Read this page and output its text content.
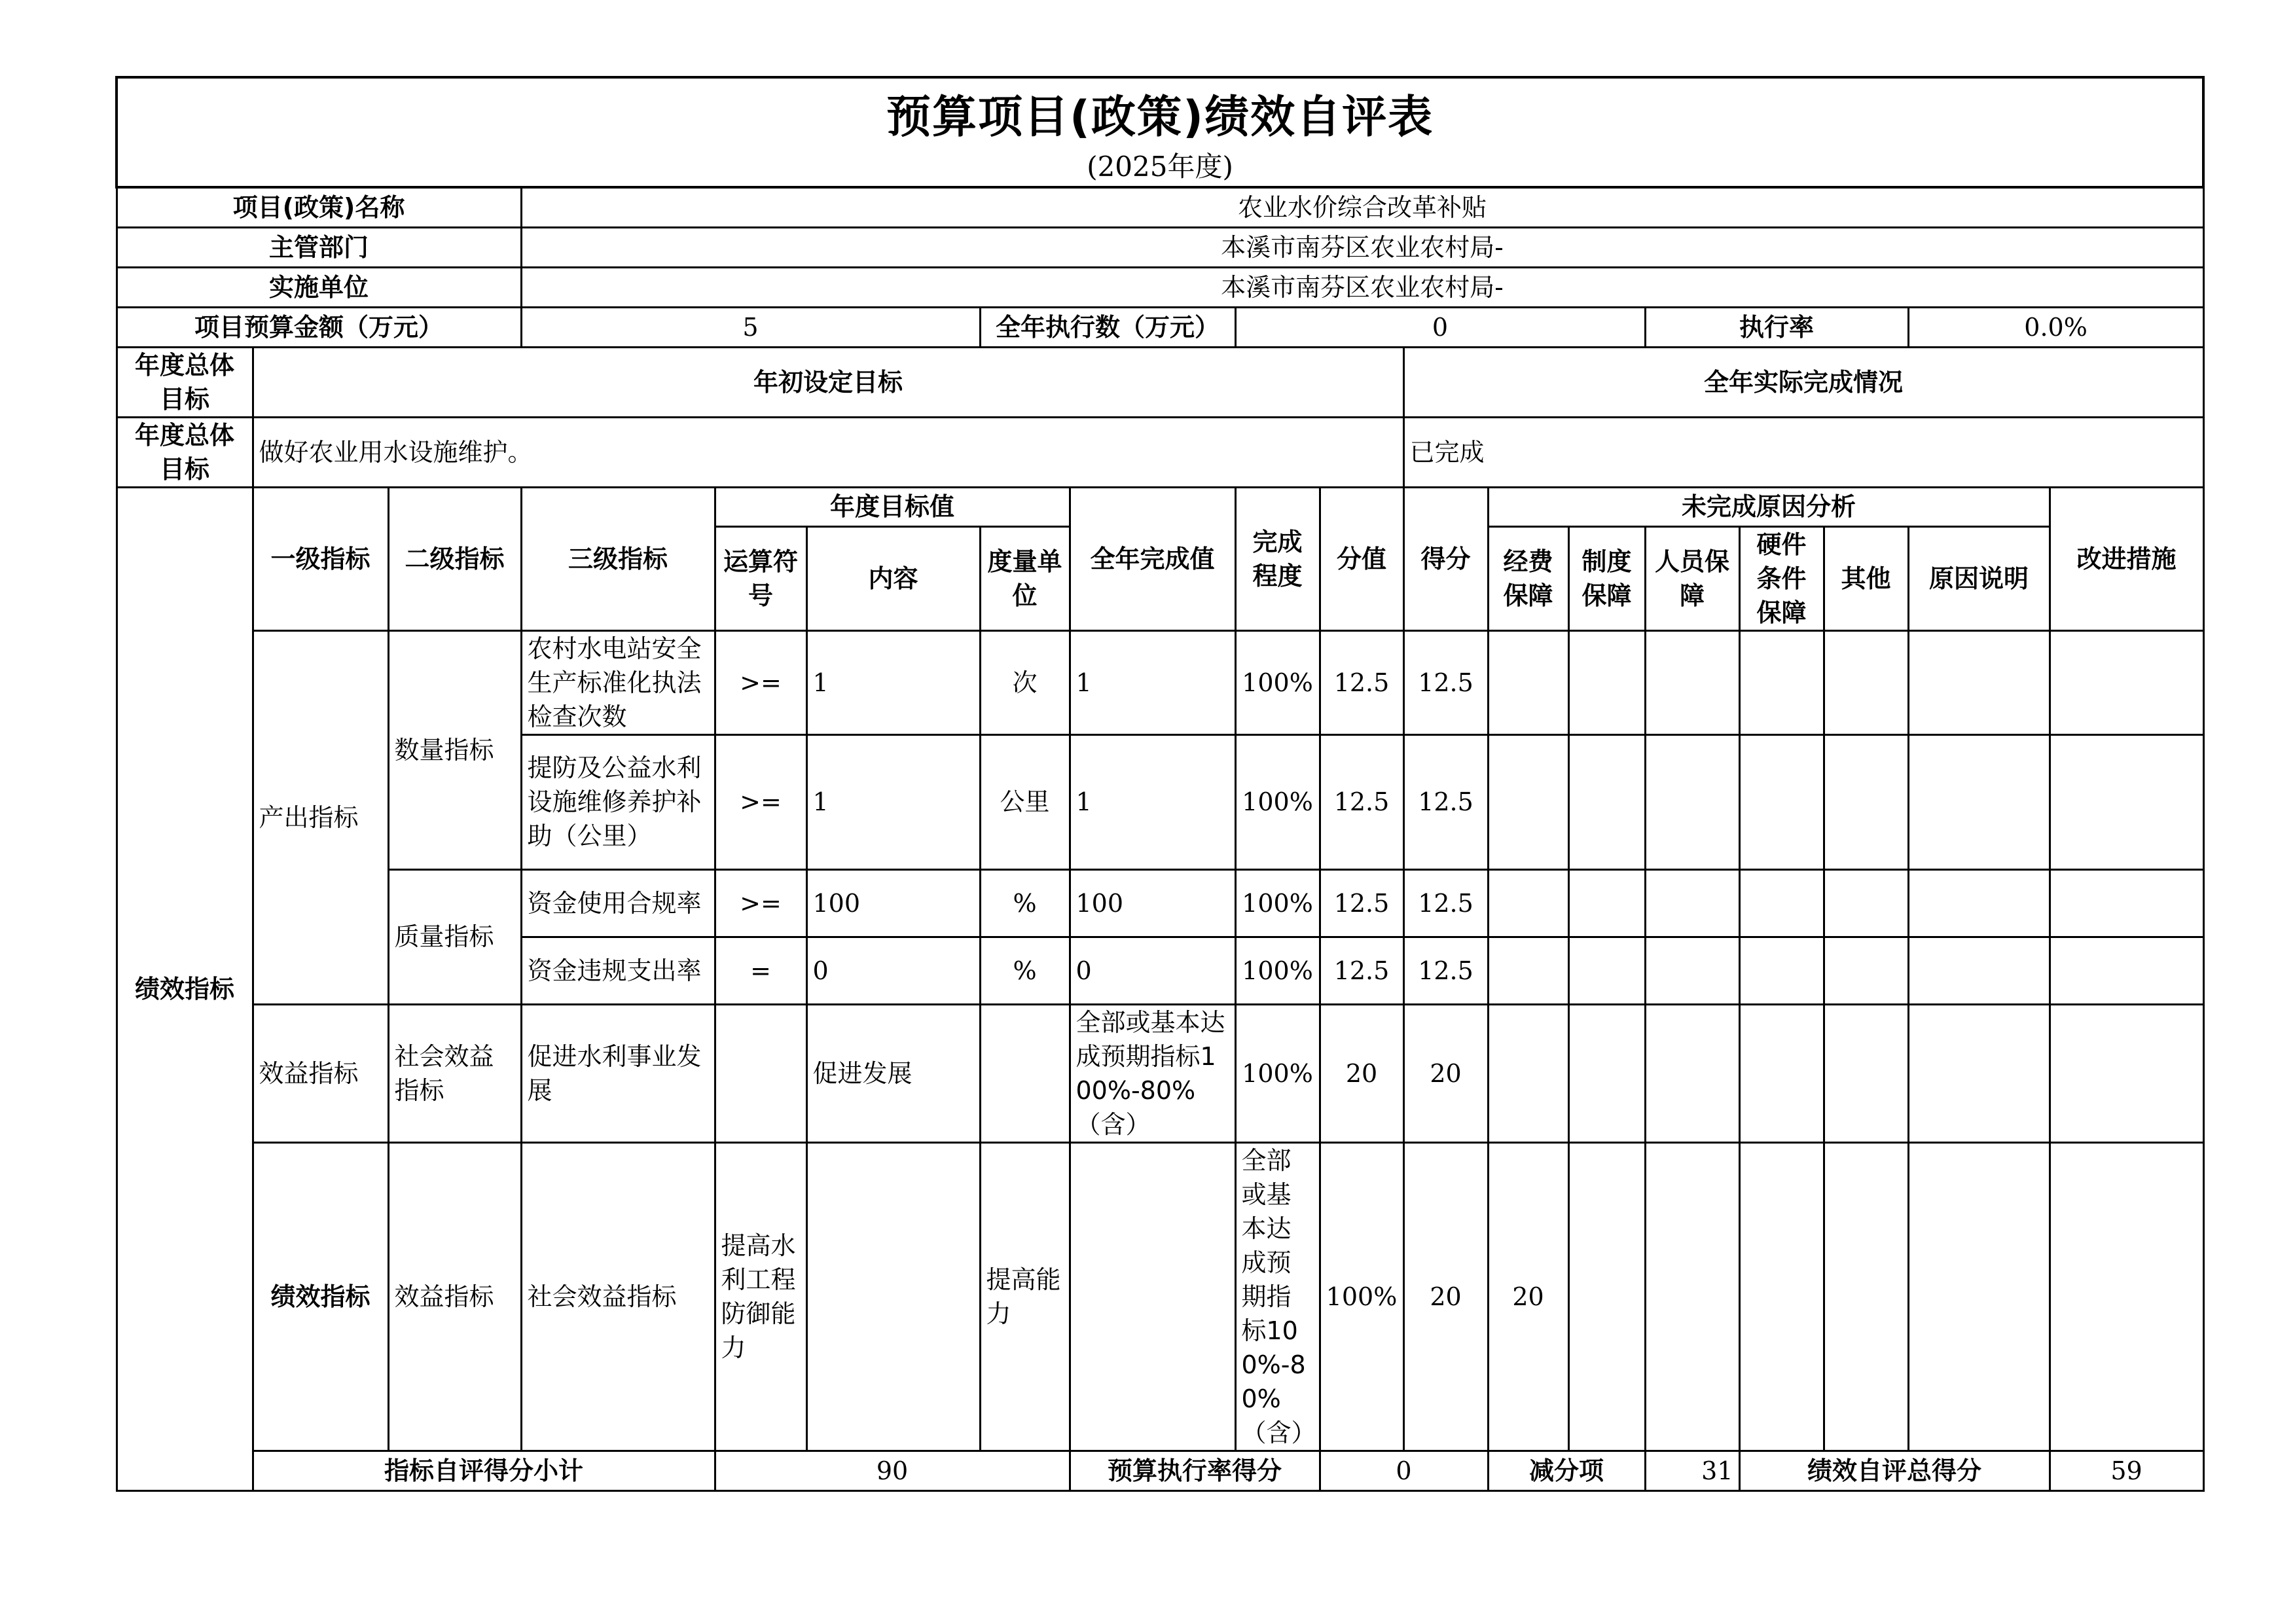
预算项目(政策)绩效自评表
(2025年度)																		

项目(政策)名称			农业水价综合改革补贴															
主管部门			本溪市南芬区农业农村局-															
实施单位			本溪市南芬区农业农村局-															
项目预算金额（万元）			5			全年执行数（万元）		0					执行率			0.0%		
年度总体目标	年初设定目标									全年实际完成情况								
年度总体目标	做好农业用水设施维护。									已完成								
绩效指标	一级指标	二级指标	三级指标	年度目标值			全年完成值	完成程度	分值	得分	未完成原因分析						改进措施	
				运算符号	内容	度量单位					经费保障	制度保障	人员保障	硬件条件保障	其他	原因说明		
	产出指标	数量指标	农村水电站安全生产标准化执法检查次数	>=	1	次	1	100%	12.5	12.5								
			提防及公益水利设施维修养护补助（公里）	>=	1	公里	1	100%	12.5	12.5								
		质量指标	资金使用合规率	>=	100	%	100	100%	12.5	12.5								
			资金违规支出率	=	0	%	0	100%	12.5	12.5								
	效益指标	社会效益指标	促进水利事业发展		促进发展		全部或基本达成预期指标100%-80%（含）	100%	20	20								
	绩效指标	效益指标	社会效益指标	提高水利工程防御能力		提高能力		全部或基本达成预期指标100%-80%（含）	100%	20	20							
	指标自评得分小计			90			预算执行率得分		0		减分项		31	绩效自评总得分			59	
